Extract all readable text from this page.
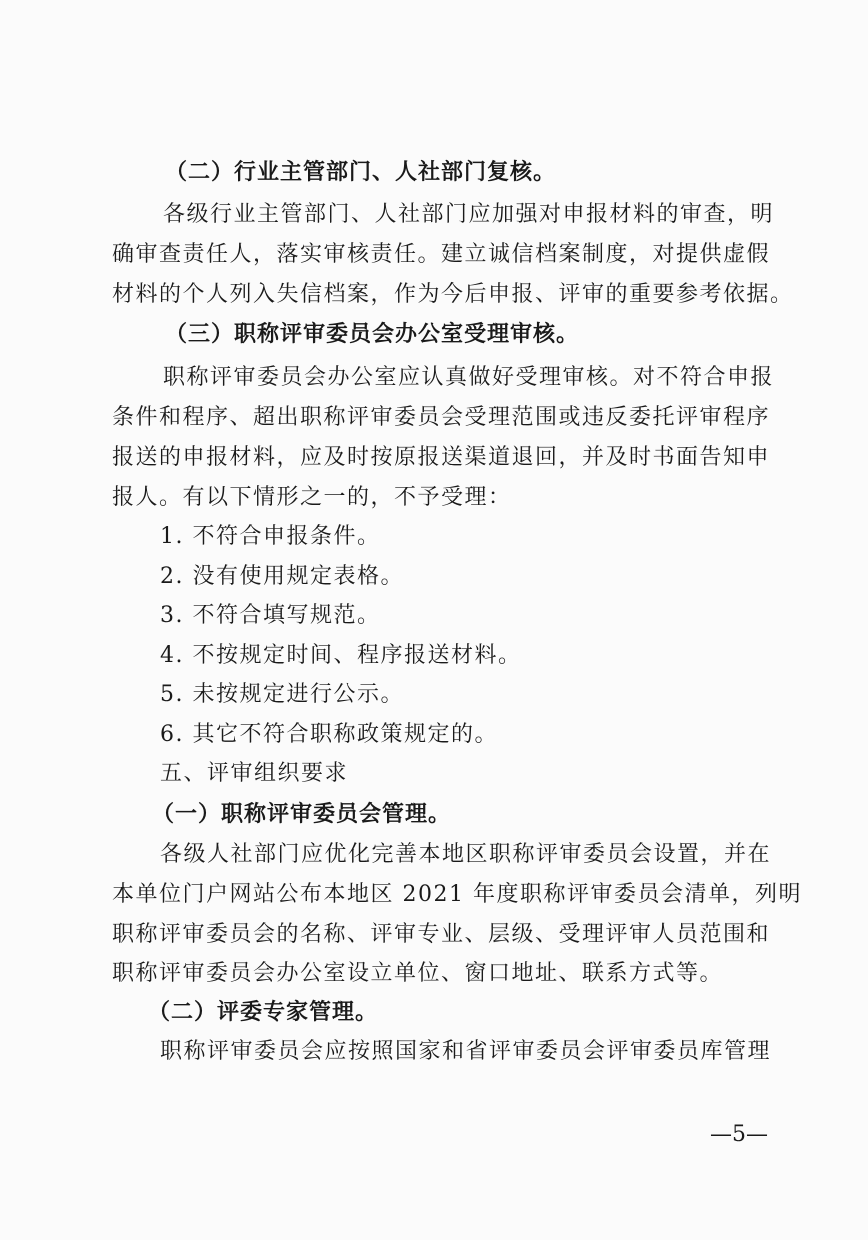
（二）行业主管部门、人社部门复核。
各级行业主管部门、人社部门应加强对申报材料的审查，明
确审查责任人，落实审核责任。建立诚信档案制度，对提供虚假
材料的个人列入失信档案，作为今后申报、评审的重要参考依据。
（三）职称评审委员会办公室受理审核。
职称评审委员会办公室应认真做好受理审核。对不符合申报
条件和程序、超出职称评审委员会受理范围或违反委托评审程序
报送的申报材料，应及时按原报送渠道退回，并及时书面告知申
报人。有以下情形之一的，不予受理：
1. 不符合申报条件。
2. 没有使用规定表格。
3. 不符合填写规范。
4. 不按规定时间、程序报送材料。
5. 未按规定进行公示。
6. 其它不符合职称政策规定的。
五、评审组织要求
（一）职称评审委员会管理。
各级人社部门应优化完善本地区职称评审委员会设置，并在
本单位门户网站公布本地区 2021 年度职称评审委员会清单，列明
职称评审委员会的名称、评审专业、层级、受理评审人员范围和
职称评审委员会办公室设立单位、窗口地址、联系方式等。
（二）评委专家管理。
职称评审委员会应按照国家和省评审委员会评审委员库管理
—5—
